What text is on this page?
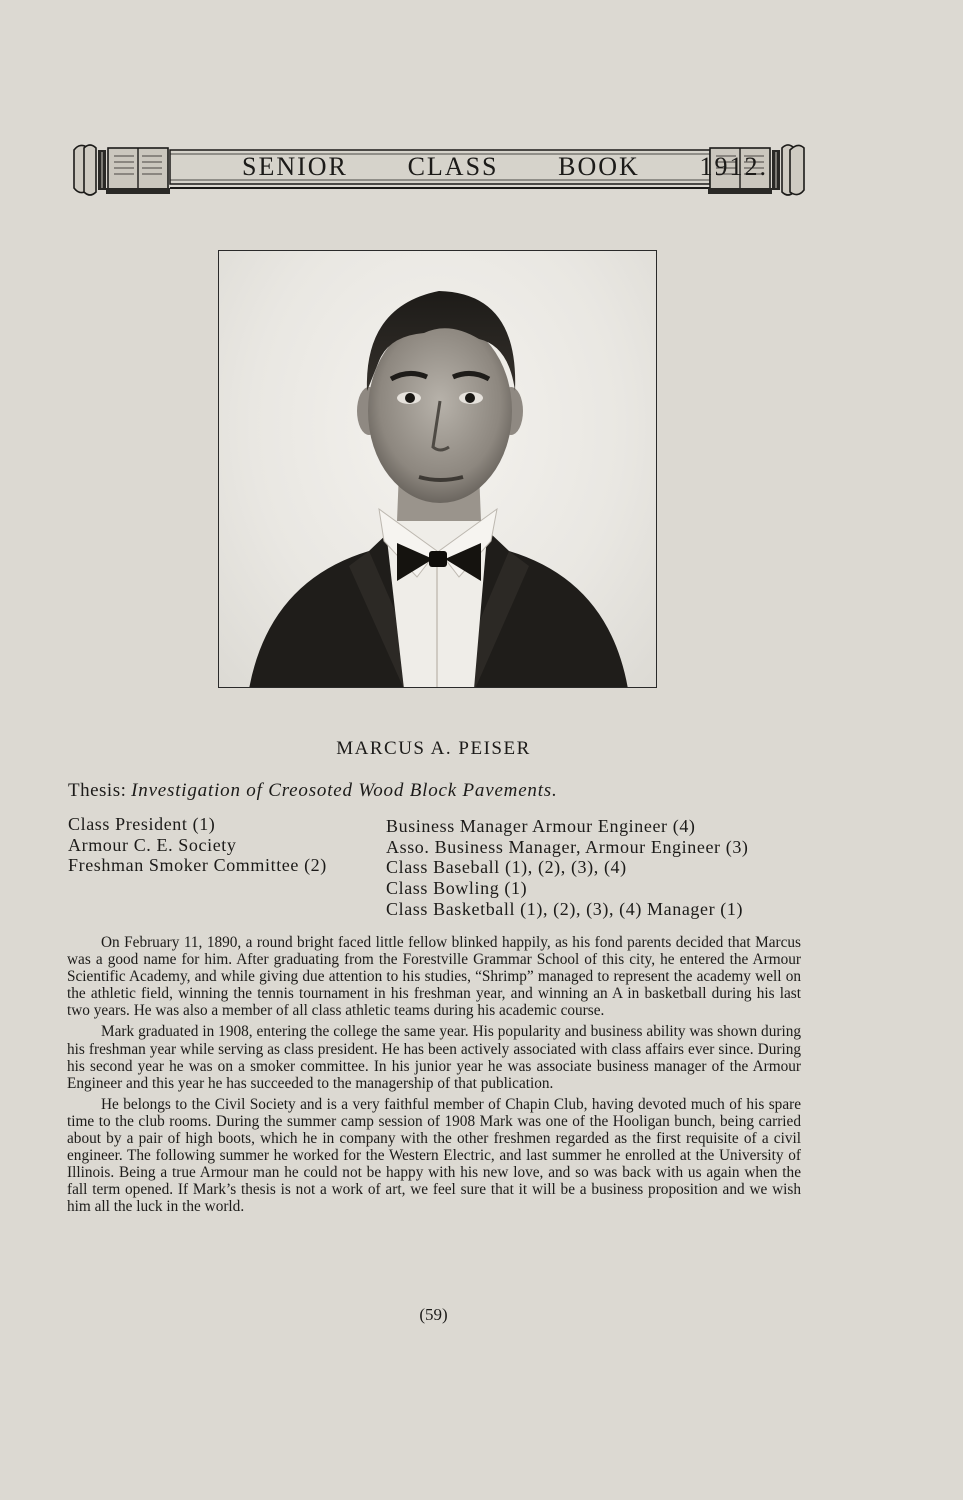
SENIOR CLASS BOOK 1912.
MARCUS A. PEISER
Thesis: Investigation of Creosoted Wood Block Pavements.
Class President (1)
Armour C. E. Society
Freshman Smoker Committee (2)
Business Manager Armour Engineer (4)
Asso. Business Manager, Armour Engineer (3)
Class Baseball (1), (2), (3), (4)
Class Bowling (1)
Class Basketball (1), (2), (3), (4) Manager (1)

On February 11, 1890, a round bright faced little fellow blinked happily, as his fond parents decided that Marcus was a good name for him. After graduating from the Forestville Grammar School of this city, he entered the Armour Scientific Academy, and while giving due attention to his studies, “Shrimp” managed to represent the academy well on the athletic field, winning the tennis tournament in his freshman year, and winning an A in basketball during his last two years. He was also a member of all class athletic teams during his academic course.

Mark graduated in 1908, entering the college the same year. His popularity and business ability was shown during his freshman year while serving as class president. He has been actively associated with class affairs ever since. During his second year he was on a smoker committee. In his junior year he was associate business manager of the Armour Engineer and this year he has succeeded to the managership of that publication.

He belongs to the Civil Society and is a very faithful member of Chapin Club, having devoted much of his spare time to the club rooms. During the summer camp session of 1908 Mark was one of the Hooligan bunch, being carried about by a pair of high boots, which he in company with the other freshmen regarded as the first requisite of a civil engineer. The following summer he worked for the Western Electric, and last summer he enrolled at the University of Illinois. Being a true Armour man he could not be happy with his new love, and so was back with us again when the fall term opened. If Mark’s thesis is not a work of art, we feel sure that it will be a business proposition and we wish him all the luck in the world.

(59)
